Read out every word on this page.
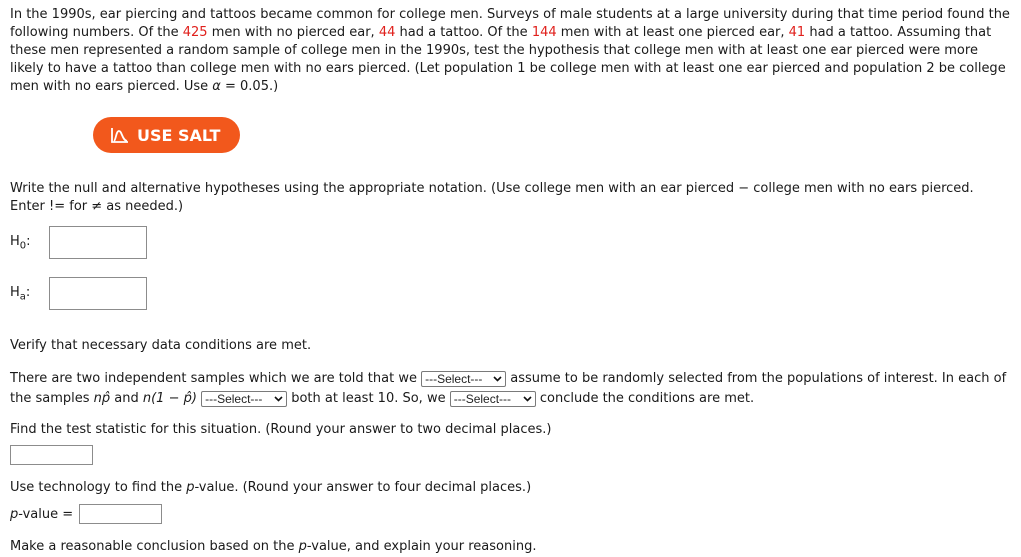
In the 1990s, ear piercing and tattoos became common for college men. Surveys of male students at a large university during that time period found the following numbers. Of the 425 men with no pierced ear, 44 had a tattoo. Of the 144 men with at least one pierced ear, 41 had a tattoo. Assuming that these men represented a random sample of college men in the 1990s, test the hypothesis that college men with at least one ear pierced were more likely to have a tattoo than college men with no ears pierced. (Let population 1 be college men with at least one ear pierced and population 2 be college men with no ears pierced. Use α = 0.05.)

USE SALT

Write the null and alternative hypotheses using the appropriate notation. (Use college men with an ear pierced − college men with no ears pierced. Enter != for ≠ as needed.)

$H_0$:
$H_a$:

Verify that necessary data conditions are met.

There are two independent samples which we are told that we ---Select--- assume to be randomly selected from the populations of interest. In each of the samples np̂ and n(1 − p̂) ---Select--- both at least 10. So, we ---Select--- conclude the conditions are met.

Find the test statistic for this situation. (Round your answer to two decimal places.)

Use technology to find the p-value. (Round your answer to four decimal places.)

p-value =

Make a reasonable conclusion based on the p-value, and explain your reasoning.
